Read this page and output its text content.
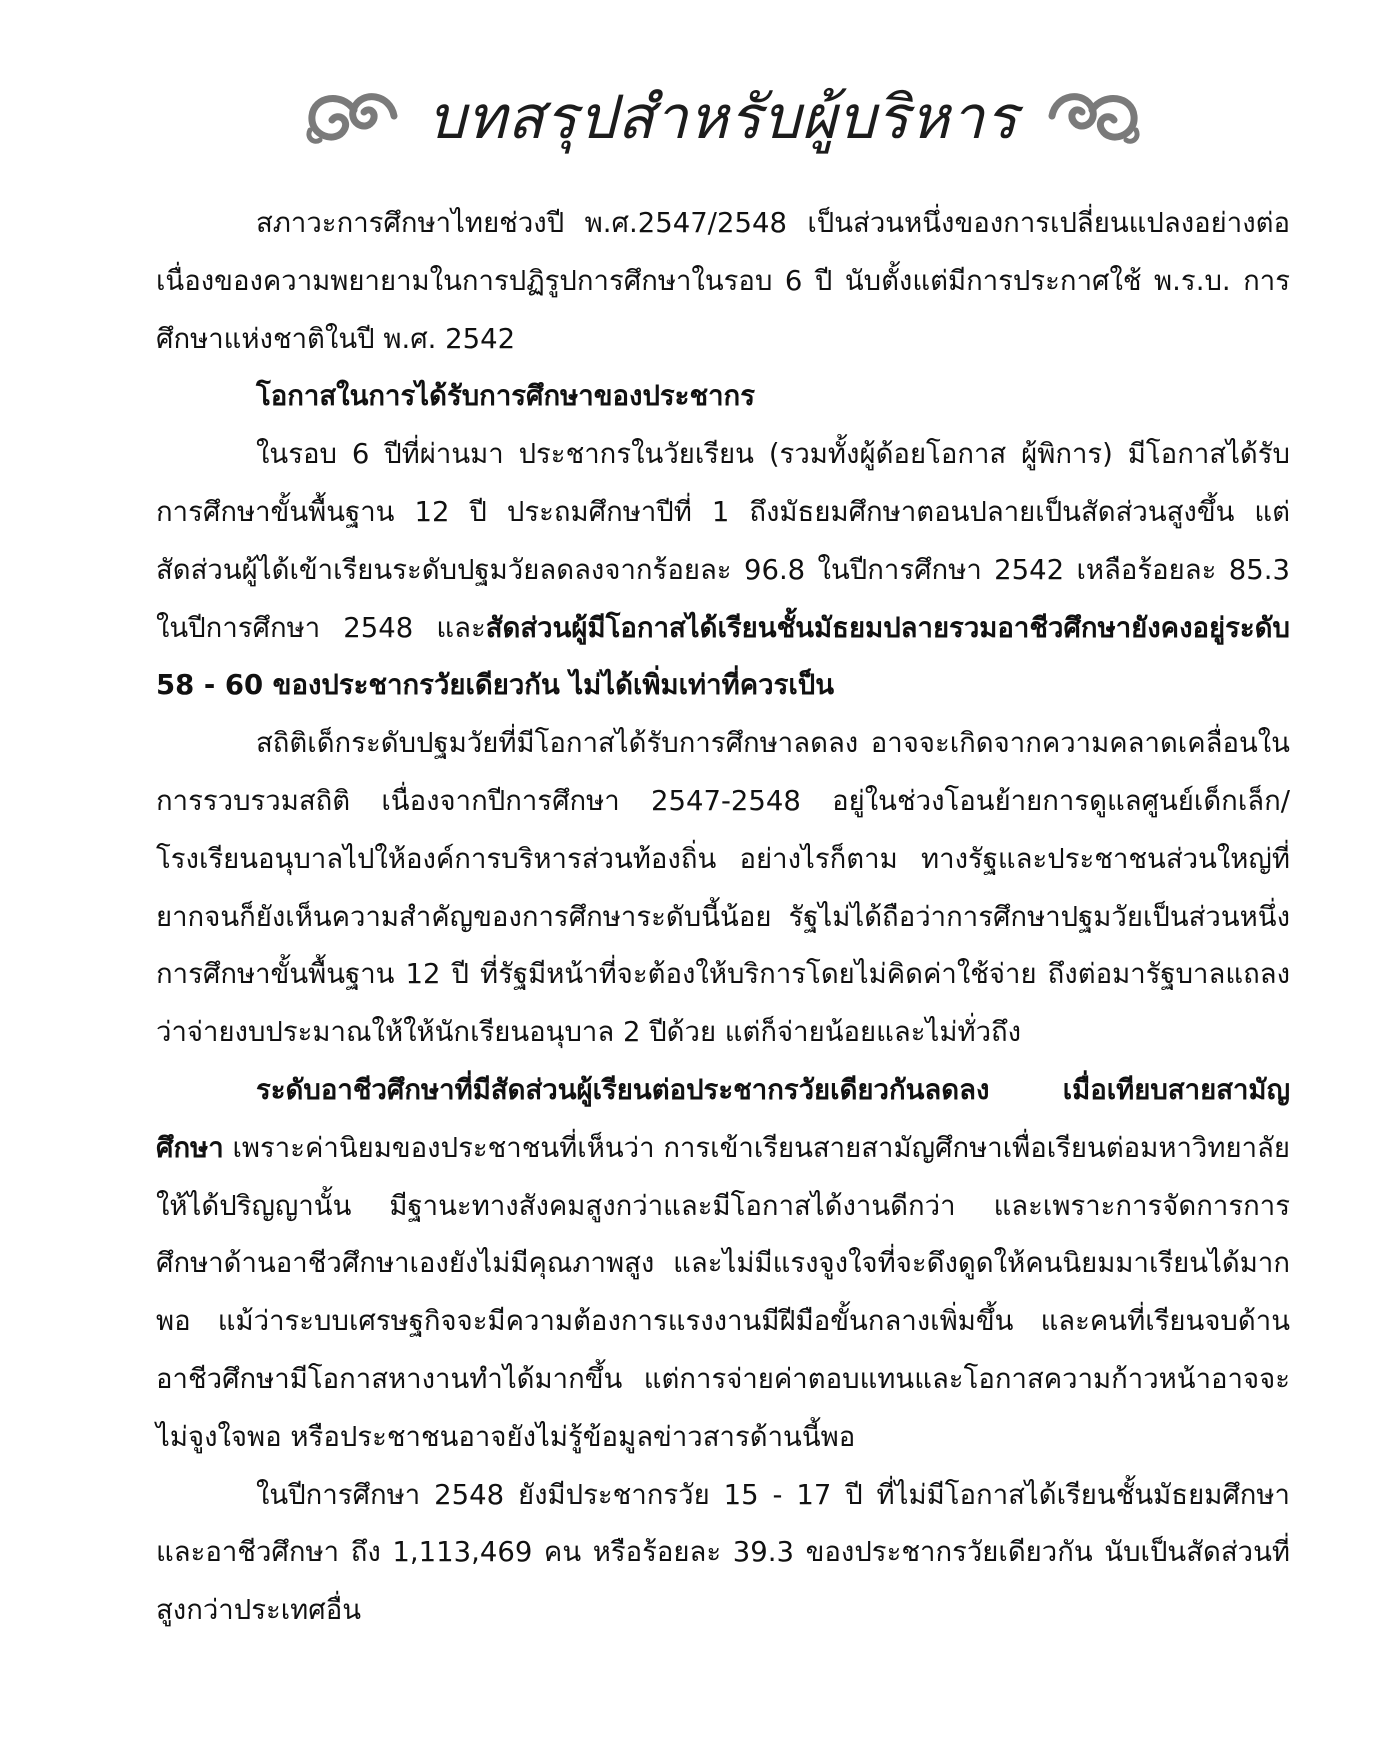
บทสรุปสำหรับผู้บริหาร

สภาวะการศึกษาไทยช่วงปี พ.ศ.2547/2548 เป็นส่วนหนึ่งของการเปลี่ยนแปลงอย่างต่อเนื่องของความพยายามในการปฏิรูปการศึกษาในรอบ 6 ปี นับตั้งแต่มีการประกาศใช้ พ.ร.บ. การศึกษาแห่งชาติในปี พ.ศ. 2542

โอกาสในการได้รับการศึกษาของประชากร

ในรอบ 6 ปีที่ผ่านมา ประชากรในวัยเรียน (รวมทั้งผู้ด้อยโอกาส ผู้พิการ) มีโอกาสได้รับการศึกษาขั้นพื้นฐาน 12 ปี ประถมศึกษาปีที่ 1 ถึงมัธยมศึกษาตอนปลายเป็นสัดส่วนสูงขึ้น แต่สัดส่วนผู้ได้เข้าเรียนระดับปฐมวัยลดลงจากร้อยละ 96.8 ในปีการศึกษา 2542 เหลือร้อยละ 85.3 ในปีการศึกษา 2548 และสัดส่วนผู้มีโอกาสได้เรียนชั้นมัธยมปลายรวมอาชีวศึกษายังคงอยู่ระดับ 58 - 60 ของประชากรวัยเดียวกัน ไม่ได้เพิ่มเท่าที่ควรเป็น

สถิติเด็กระดับปฐมวัยที่มีโอกาสได้รับการศึกษาลดลง อาจจะเกิดจากความคลาดเคลื่อนในการรวบรวมสถิติ เนื่องจากปีการศึกษา 2547-2548 อยู่ในช่วงโอนย้ายการดูแลศูนย์เด็กเล็ก/ โรงเรียนอนุบาลไปให้องค์การบริหารส่วนท้องถิ่น อย่างไรก็ตาม ทางรัฐและประชาชนส่วนใหญ่ที่ยากจนก็ยังเห็นความสำคัญของการศึกษาระดับนี้น้อย รัฐไม่ได้ถือว่าการศึกษาปฐมวัยเป็นส่วนหนึ่งการศึกษาขั้นพื้นฐาน 12 ปี ที่รัฐมีหน้าที่จะต้องให้บริการโดยไม่คิดค่าใช้จ่าย ถึงต่อมารัฐบาลแถลงว่าจ่ายงบประมาณให้ให้นักเรียนอนุบาล 2 ปีด้วย แต่ก็จ่ายน้อยและไม่ทั่วถึง

ระดับอาชีวศึกษาที่มีสัดส่วนผู้เรียนต่อประชากรวัยเดียวกันลดลง เมื่อเทียบสายสามัญศึกษา เพราะค่านิยมของประชาชนที่เห็นว่า การเข้าเรียนสายสามัญศึกษาเพื่อเรียนต่อมหาวิทยาลัยให้ได้ปริญญานั้น มีฐานะทางสังคมสูงกว่าและมีโอกาสได้งานดีกว่า และเพราะการจัดการการศึกษาด้านอาชีวศึกษาเองยังไม่มีคุณภาพสูง และไม่มีแรงจูงใจที่จะดึงดูดให้คนนิยมมาเรียนได้มากพอ แม้ว่าระบบเศรษฐกิจจะมีความต้องการแรงงานมีฝีมือขั้นกลางเพิ่มขึ้น และคนที่เรียนจบด้านอาชีวศึกษามีโอกาสหางานทำได้มากขึ้น แต่การจ่ายค่าตอบแทนและโอกาสความก้าวหน้าอาจจะไม่จูงใจพอ หรือประชาชนอาจยังไม่รู้ข้อมูลข่าวสารด้านนี้พอ

ในปีการศึกษา 2548 ยังมีประชากรวัย 15 - 17 ปี ที่ไม่มีโอกาสได้เรียนชั้นมัธยมศึกษาและอาชีวศึกษา ถึง 1,113,469 คน หรือร้อยละ 39.3 ของประชากรวัยเดียวกัน นับเป็นสัดส่วนที่สูงกว่าประเทศอื่น
